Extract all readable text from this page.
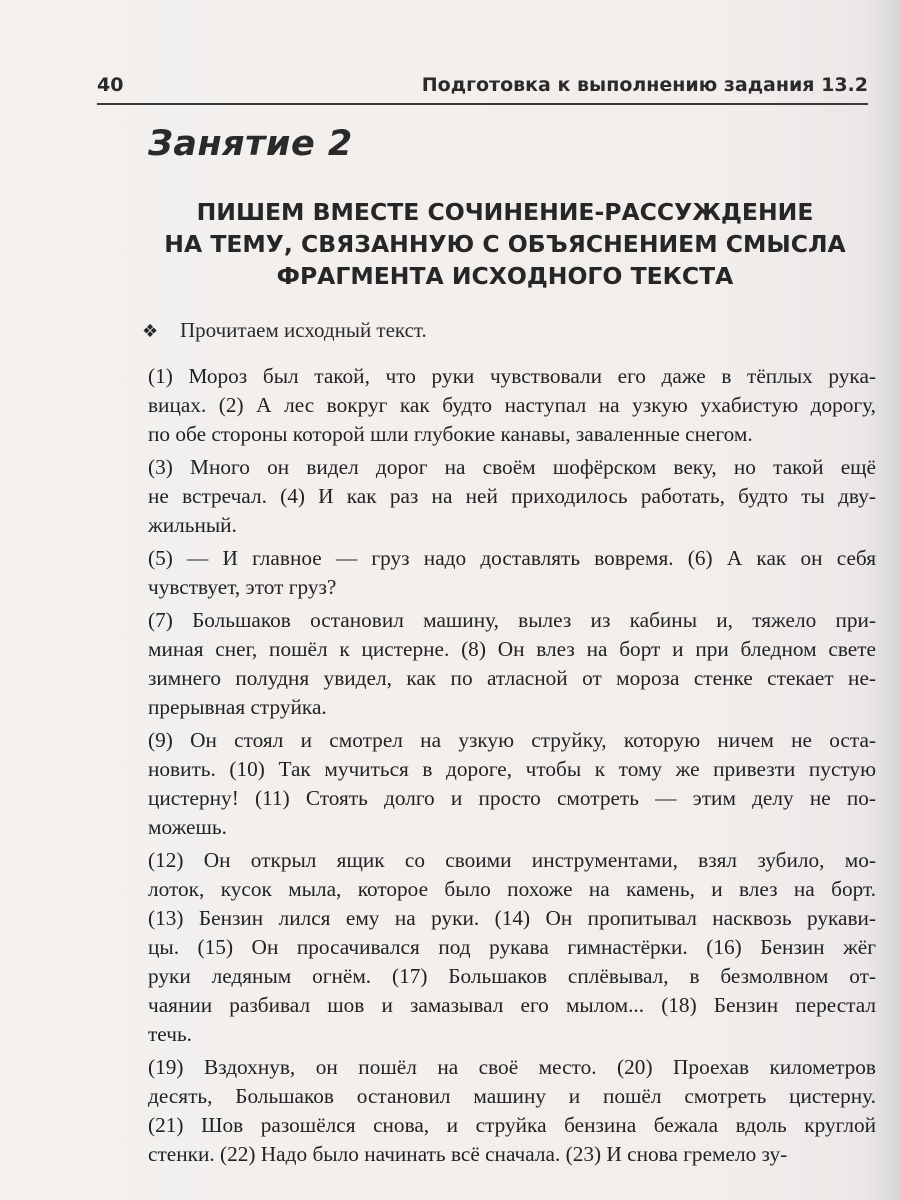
40	Подготовка к выполнению задания 13.2
Занятие 2
ПИШЕМ ВМЕСТЕ СОЧИНЕНИЕ-РАССУЖДЕНИЕ
НА ТЕМУ, СВЯЗАННУЮ С ОБЪЯСНЕНИЕМ СМЫСЛА
ФРАГМЕНТА ИСХОДНОГО ТЕКСТА
❖ Прочитаем исходный текст.

(1) Мороз был такой, что руки чувствовали его даже в тёплых рука-
вицах. (2) А лес вокруг как будто наступал на узкую ухабистую дорогу,
по обе стороны которой шли глубокие канавы, заваленные снегом.

(3) Много он видел дорог на своём шофёрском веку, но такой ещё
не встречал. (4) И как раз на ней приходилось работать, будто ты дву-
жильный.

(5) — И главное — груз надо доставлять вовремя. (6) А как он себя
чувствует, этот груз?

(7) Большаков остановил машину, вылез из кабины и, тяжело при-
миная снег, пошёл к цистерне. (8) Он влез на борт и при бледном свете
зимнего полудня увидел, как по атласной от мороза стенке стекает не-
прерывная струйка.

(9) Он стоял и смотрел на узкую струйку, которую ничем не оста-
новить. (10) Так мучиться в дороге, чтобы к тому же привезти пустую
цистерну! (11) Стоять долго и просто смотреть — этим делу не по-
можешь.

(12) Он открыл ящик со своими инструментами, взял зубило, мо-
лоток, кусок мыла, которое было похоже на камень, и влез на борт.
(13) Бензин лился ему на руки. (14) Он пропитывал насквозь рукави-
цы. (15) Он просачивался под рукава гимнастёрки. (16) Бензин жёг
руки ледяным огнём. (17) Большаков сплёвывал, в безмолвном от-
чаянии разбивал шов и замазывал его мылом... (18) Бензин перестал
течь.

(19) Вздохнув, он пошёл на своё место. (20) Проехав километров
десять, Большаков остановил машину и пошёл смотреть цистерну.
(21) Шов разошёлся снова, и струйка бензина бежала вдоль круглой
стенки. (22) Надо было начинать всё сначала. (23) И снова гремело зу-
